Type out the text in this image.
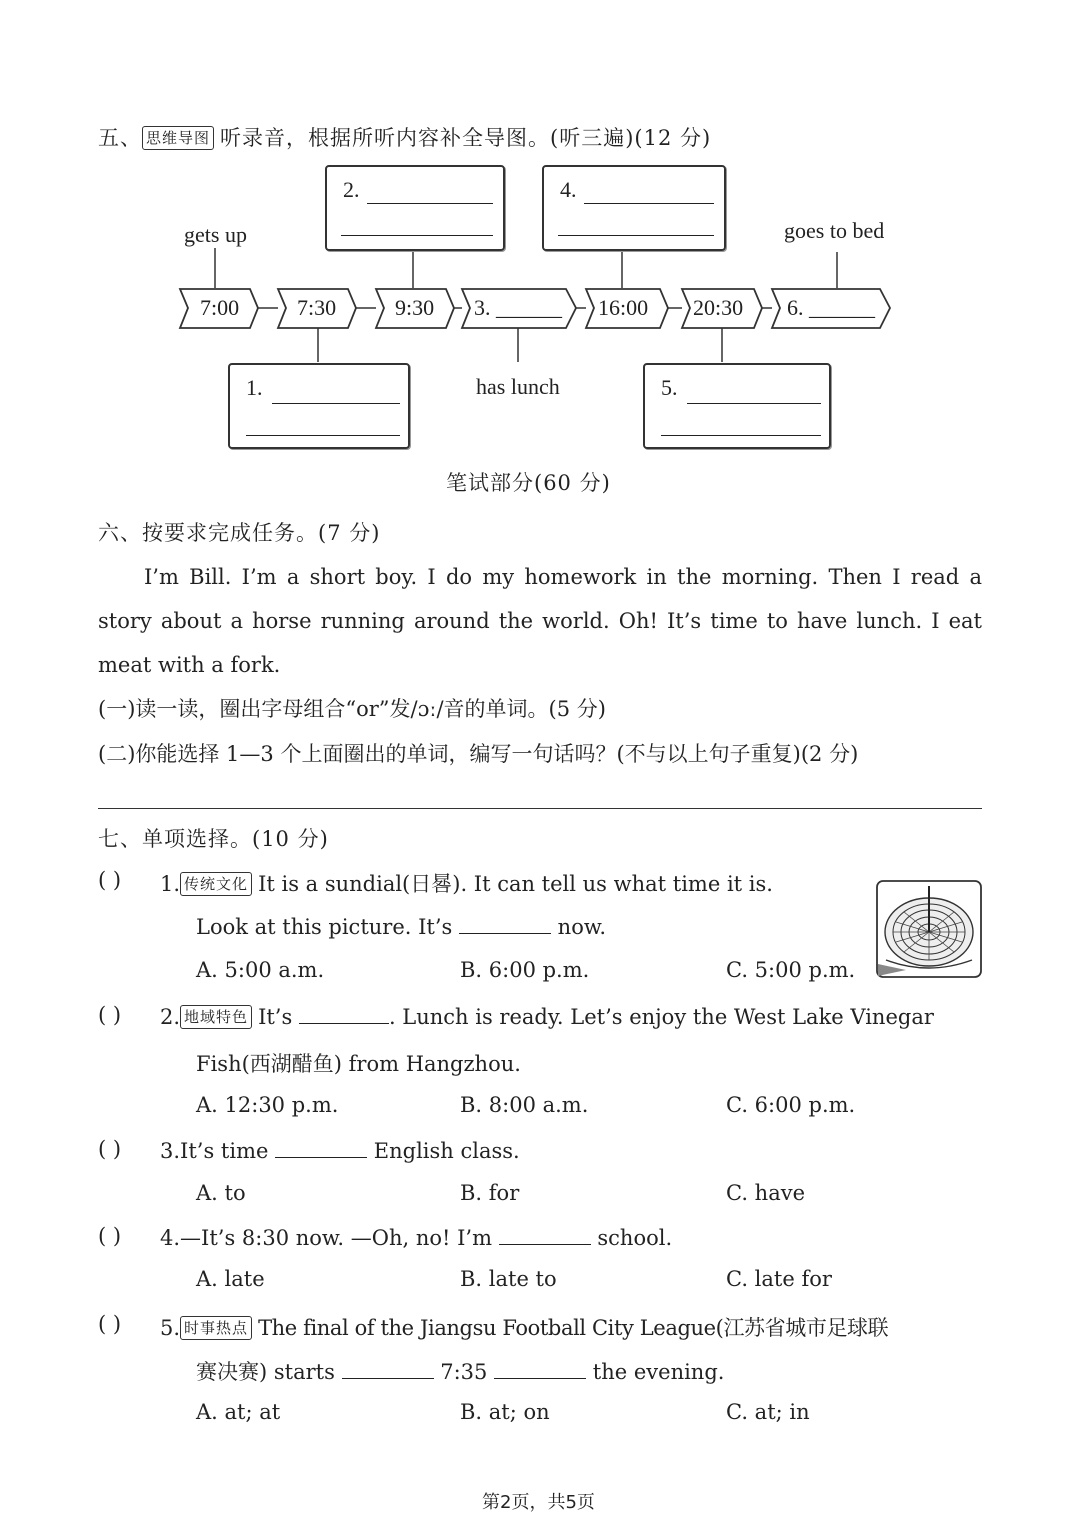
五、 思维导图 听录音，根据所听内容补全导图。(听三遍)(12 分)
7:00	7:30	9:30 3. ______ 16:00 20:30 6. ______
gets up	goes to bed
has lunch
2.	4.
1.	5.
笔试部分(60 分)
六、按要求完成任务。(7 分)
I’m Bill. I’m a short boy. I do my homework in the morning. Then I read a
story about a horse running around the world. Oh! It’s time to have lunch. I eat
meat with a fork.
(一)读一读，圈出字母组合“or”发/ɔː/音的单词。(5 分)
(二)你能选择 1—3 个上面圈出的单词，编写一句话吗？(不与以上句子重复)(2 分)
七、单项选择。(10 分)
( ) 1. 传统文化 It is a sundial(日晷). It can tell us what time it is.
Look at this picture. It’s	now.
A. 5:00 a.m.	B. 6:00 p.m.	C. 5:00 p.m.
( ) 2. 地域特色 It’s	. Lunch is ready. Let’s enjoy the West Lake Vinegar
Fish(西湖醋鱼) from Hangzhou.
A. 12:30 p.m.	B. 8:00 a.m.	C. 6:00 p.m.
( ) 3.It’s time	English class.
A. to	B. for	C. have
( ) 4.—It’s 8:30 now. —Oh, no! I’m	school.
A. late	B. late to	C. late for
( ) 5. 时事热点 The final of the Jiangsu Football City League(江苏省城市足球联
赛决赛) starts	7:35	the evening.
A. at; at	B. at; on	C. at; in
第2页，共5页
